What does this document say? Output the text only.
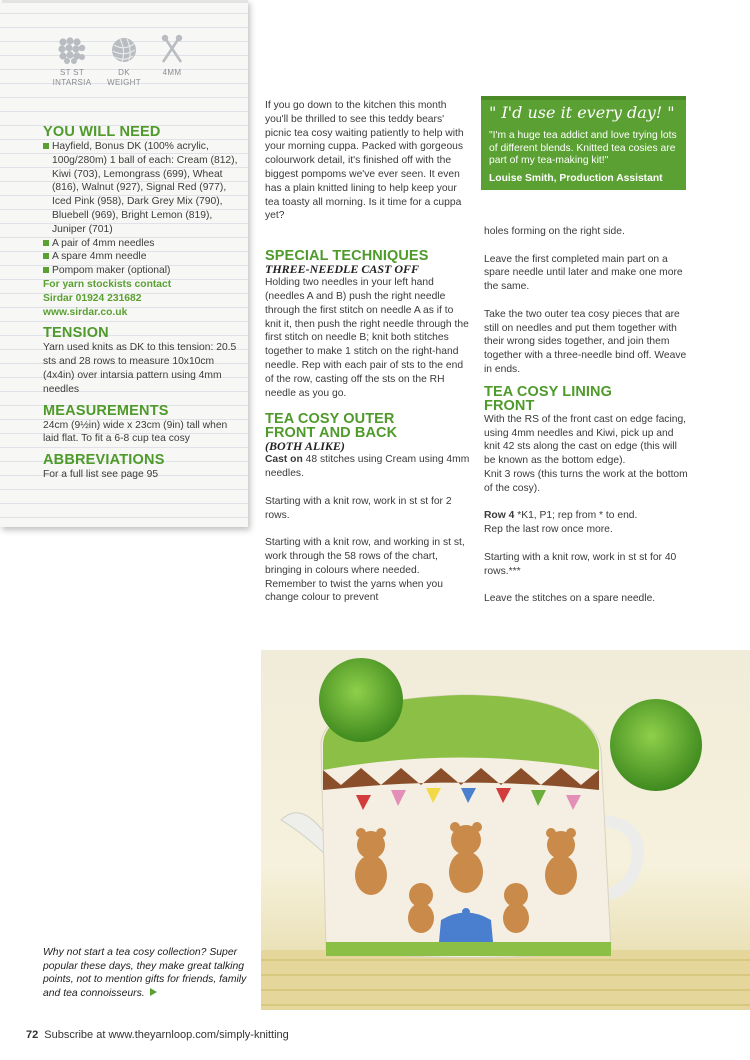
ST ST
INTARSIA
DK
WEIGHT
4MM
YOU WILL NEED
Hayfield, Bonus DK (100% acrylic, 100g/280m) 1 ball of each: Cream (812), Kiwi (703), Lemongrass (699), Wheat (816), Walnut (927), Signal Red (977), Iced Pink (958), Dark Grey Mix (790), Bluebell (969), Bright Lemon (819), Juniper (701)
A pair of 4mm needles
A spare 4mm needle
Pompom maker (optional)
For yarn stockists contact
Sirdar 01924 231682
www.sirdar.co.uk
TENSION
Yarn used knits as DK to this tension: 20.5 sts and 28 rows to measure 10x10cm (4x4in) over intarsia pattern using 4mm needles
MEASUREMENTS
24cm (9½in) wide x 23cm (9in) tall when laid flat. To fit a 6-8 cup tea cosy
ABBREVIATIONS
For a full list see page 95

If you go down to the kitchen this month you'll be thrilled to see this teddy bears' picnic tea cosy waiting patiently to help with your morning cuppa. Packed with gorgeous colourwork detail, it's finished off with the biggest pompoms we've ever seen. It even has a plain knitted lining to help keep your tea toasty all morning. Is it time for a cuppa yet?

SPECIAL TECHNIQUES
THREE-NEEDLE CAST OFF

Holding two needles in your left hand (needles A and B) push the right needle through the first stitch on needle A as if to knit it, then push the right needle through the first stitch on needle B; knit both stitches together to make 1 stitch on the right-hand needle. Rep with each pair of sts to the end of the row, casting off the sts on the RH needle as you go.

TEA COSY OUTER
FRONT AND BACK
(BOTH ALIKE)

Cast on 48 stitches using Cream using 4mm needles.

Starting with a knit row, work in st st for 2 rows.

Starting with a knit row, and working in st st, work through the 58 rows of the chart, bringing in colours where needed. Remember to twist the yarns when you change colour to prevent

" I'd use it every day! "
"I'm a huge tea addict and love trying lots of different blends. Knitted tea cosies are part of my tea-making kit!"
Louise Smith, Production Assistant

holes forming on the right side.

Leave the first completed main part on a spare needle until later and make one more the same.

Take the two outer tea cosy pieces that are still on needles and put them together with their wrong sides together, and join them together with a three-needle bind off. Weave in ends.

TEA COSY LINING
FRONT

With the RS of the front cast on edge facing, using 4mm needles and Kiwi, pick up and knit 42 sts along the cast on edge (this will be known as the bottom edge).

Knit 3 rows (this turns the work at the bottom of the cosy).

Row 4 *K1, P1; rep from * to end.

Rep the last row once more.

Starting with a knit row, work in st st for 40 rows.***

Leave the stitches on a spare needle.

Why not start a tea cosy collection? Super popular these days, they make great talking points, not to mention gifts for friends, family and tea connoisseurs.
72 Subscribe at www.theyarnloop.com/simply-knitting
